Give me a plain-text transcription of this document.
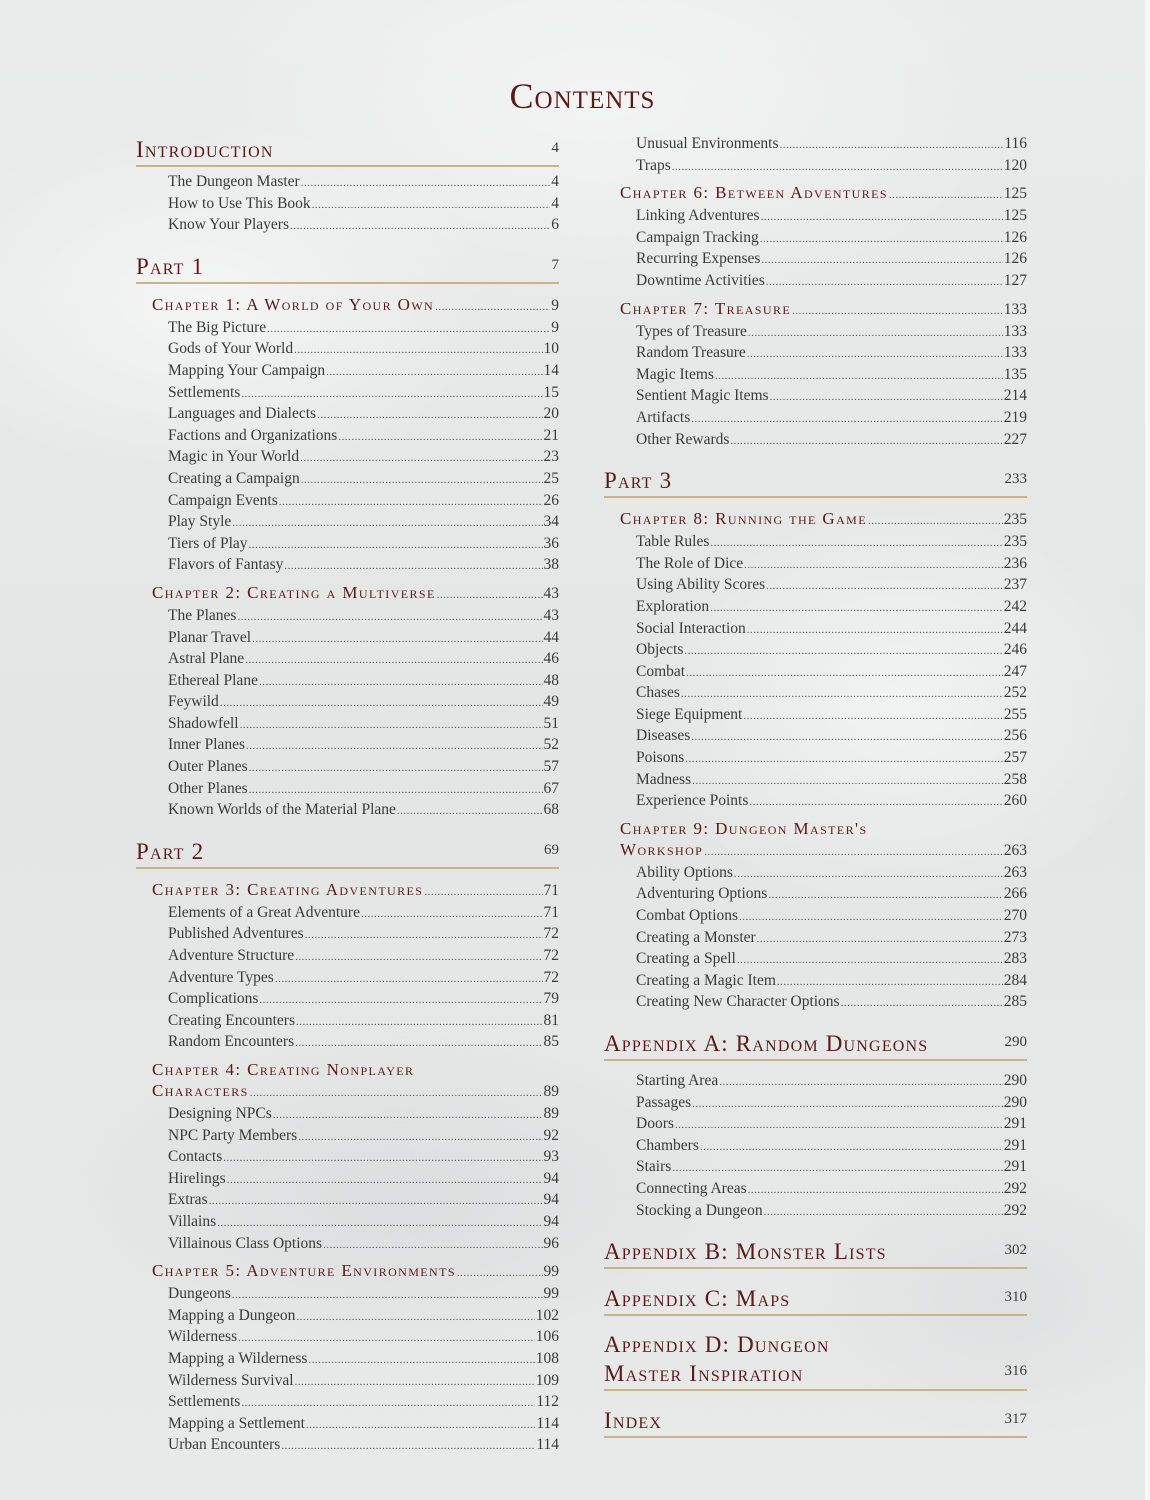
Contents
Introduction	4
The Dungeon Master .....	4
How to Use This Book .....	4
Know Your Players .....	6
Part 1	7
Chapter 1: A World of Your Own .....	9
The Big Picture .....	9
Gods of Your World .....	10
Mapping Your Campaign .....	14
Settlements .....	15
Languages and Dialects .....	20
Factions and Organizations .....	21
Magic in Your World .....	23
Creating a Campaign .....	25
Campaign Events .....	26
Play Style .....	34
Tiers of Play .....	36
Flavors of Fantasy .....	38
Chapter 2: Creating a Multiverse .....	43
The Planes .....	43
Planar Travel .....	44
Astral Plane .....	46
Ethereal Plane .....	48
Feywild .....	49
Shadowfell .....	51
Inner Planes .....	52
Outer Planes .....	57
Other Planes .....	67
Known Worlds of the Material Plane .....	68
Part 2	69
Chapter 3: Creating Adventures .....	71
Elements of a Great Adventure .....	71
Published Adventures .....	72
Adventure Structure .....	72
Adventure Types .....	72
Complications .....	79
Creating Encounters .....	81
Random Encounters .....	85
Chapter 4: Creating Nonplayer
Characters .....	89
Designing NPCs .....	89
NPC Party Members .....	92
Contacts .....	93
Hirelings .....	94
Extras .....	94
Villains .....	94
Villainous Class Options .....	96
Chapter 5: Adventure Environments .....	99
Dungeons .....	99
Mapping a Dungeon .....	102
Wilderness .....	106
Mapping a Wilderness .....	108
Wilderness Survival .....	109
Settlements .....	112
Mapping a Settlement .....	114
Urban Encounters .....	114
Unusual Environments .....	116
Traps .....	120
Chapter 6: Between Adventures .....	125
Linking Adventures .....	125
Campaign Tracking .....	126
Recurring Expenses .....	126
Downtime Activities .....	127
Chapter 7: Treasure .....	133
Types of Treasure .....	133
Random Treasure .....	133
Magic Items .....	135
Sentient Magic Items .....	214
Artifacts .....	219
Other Rewards .....	227
Part 3	233
Chapter 8: Running the Game .....	235
Table Rules .....	235
The Role of Dice .....	236
Using Ability Scores .....	237
Exploration .....	242
Social Interaction .....	244
Objects .....	246
Combat .....	247
Chases .....	252
Siege Equipment .....	255
Diseases .....	256
Poisons .....	257
Madness .....	258
Experience Points .....	260
Chapter 9: Dungeon Master's
Workshop .....	263
Ability Options .....	263
Adventuring Options .....	266
Combat Options .....	270
Creating a Monster .....	273
Creating a Spell .....	283
Creating a Magic Item .....	284
Creating New Character Options .....	285
Appendix A: Random Dungeons	290
Starting Area .....	290
Passages .....	290
Doors .....	291
Chambers .....	291
Stairs .....	291
Connecting Areas .....	292
Stocking a Dungeon .....	292
Appendix B: Monster Lists	302
Appendix C: Maps	310
Appendix D: Dungeon
Master Inspiration	316
Index	317
